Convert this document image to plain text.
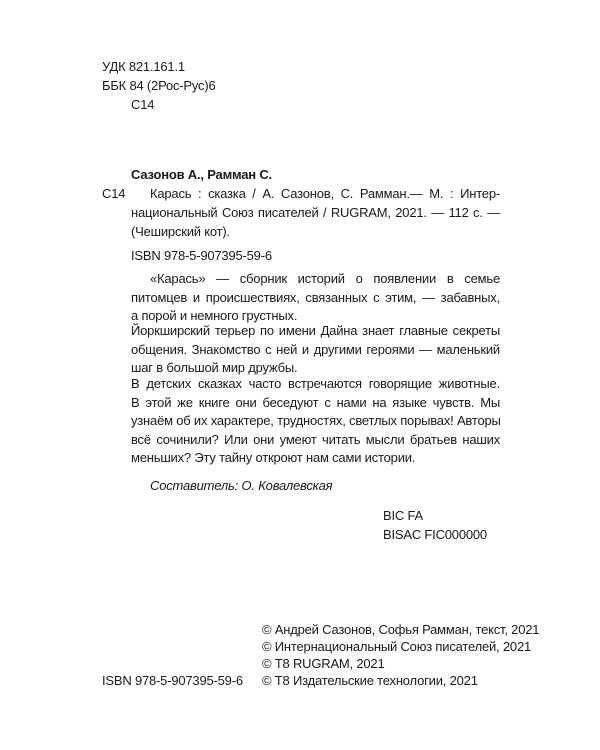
УДК 821.161.1
ББК 84 (2Рос-Рус)6
С14
Сазонов А., Рамман С.
С14 Карась : сказка / А. Сазонов, С. Рамман.— М. : Интер-
национальный Союз писателей / RUGRAM, 2021. — 112 с. —
(Чеширский кот).
ISBN 978-5-907395-59-6
«Карась» — сборник историй о появлении в семье
питомцев и происшествиях, связанных с этим, — забавных,
а порой и немного грустных.
Йоркширский терьер по имени Дайна знает главные секреты
общения. Знакомство с ней и другими героями — маленький
шаг в большой мир дружбы.
В детских сказках часто встречаются говорящие животные.
В этой же книге они беседуют с нами на языке чувств. Мы
узнаём об их характере, трудностях, светлых порывах! Авторы
всё сочинили? Или они умеют читать мысли братьев наших
меньших? Эту тайну откроют нам сами истории.
Составитель: О. Ковалевская
BIC FA
BISAC FIC000000
ISBN 978-5-907395-59-6
© Андрей Сазонов, Софья Рамман, текст, 2021
© Интернациональный Союз писателей, 2021
© Т8 RUGRAM, 2021
© Т8 Издательские технологии, 2021
